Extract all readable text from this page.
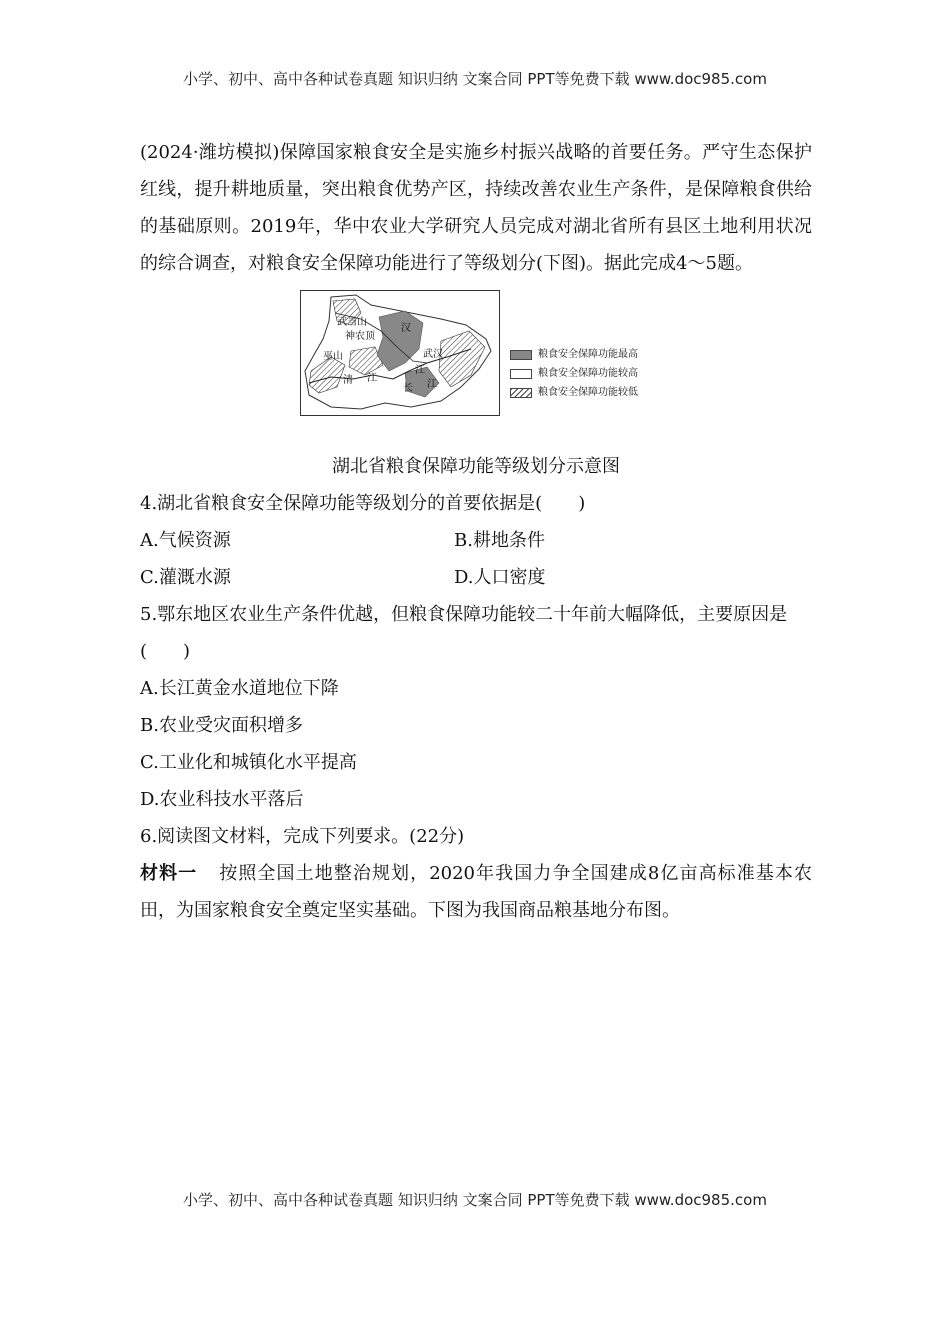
小学、初中、高中各种试卷真题 知识归纳 文案合同 PPT等免费下载 www.doc985.com

(2024·潍坊模拟)保障国家粮食安全是实施乡村振兴战略的首要任务。严守生态保护红线，提升耕地质量，突出粮食优势产区，持续改善农业生产条件，是保障粮食供给的基础原则。2019年，华中农业大学研究人员完成对湖北省所有县区土地利用状况的综合调查，对粮食安全保障功能进行了等级划分(下图)。据此完成4～5题。

武当山
神农顶
汉
巫山
清 江
武汉
江
长 江
粮食安全保障功能最高
粮食安全保障功能较高
粮食安全保障功能较低
湖北省粮食保障功能等级划分示意图

4.湖北省粮食安全保障功能等级划分的首要依据是(　　)

A.气候资源	B.耕地条件

C.灌溉水源	D.人口密度

5.鄂东地区农业生产条件优越，但粮食保障功能较二十年前大幅降低，主要原因是(　　)

A.长江黄金水道地位下降

B.农业受灾面积增多

C.工业化和城镇化水平提高

D.农业科技水平落后

6.阅读图文材料，完成下列要求。(22分)

材料一 按照全国土地整治规划，2020年我国力争全国建成8亿亩高标准基本农田，为国家粮食安全奠定坚实基础。下图为我国商品粮基地分布图。

小学、初中、高中各种试卷真题 知识归纳 文案合同 PPT等免费下载 www.doc985.com
